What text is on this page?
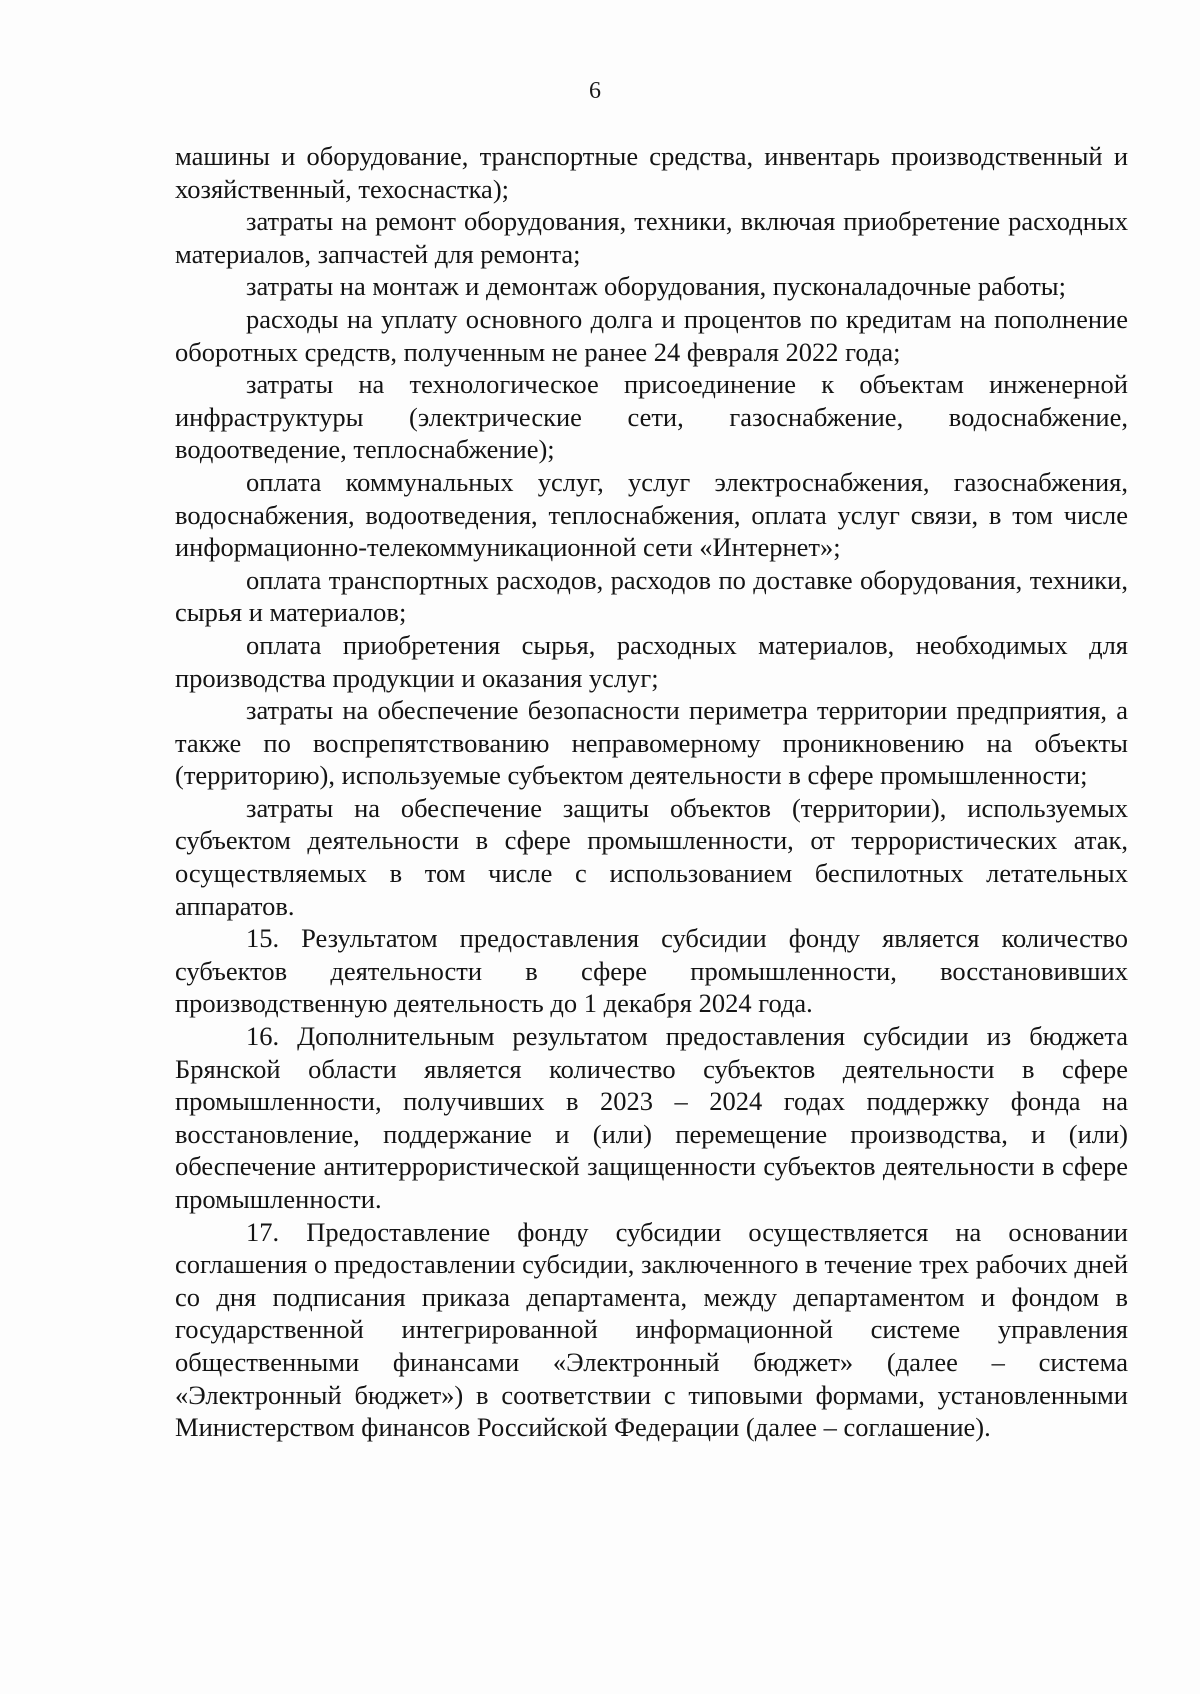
6

машины и оборудование, транспортные средства, инвентарь производственный и хозяйственный, техоснастка);

затраты на ремонт оборудования, техники, включая приобретение расходных материалов, запчастей для ремонта;

затраты на монтаж и демонтаж оборудования, пусконаладочные работы;

расходы на уплату основного долга и процентов по кредитам на пополнение оборотных средств, полученным не ранее 24 февраля 2022 года;

затраты на технологическое присоединение к объектам инженерной инфраструктуры (электрические сети, газоснабжение, водоснабжение, водоотведение, теплоснабжение);

оплата коммунальных услуг, услуг электроснабжения, газоснабжения, водоснабжения, водоотведения, теплоснабжения, оплата услуг связи, в том числе информационно-телекоммуникационной сети «Интернет»;

оплата транспортных расходов, расходов по доставке оборудования, техники, сырья и материалов;

оплата приобретения сырья, расходных материалов, необходимых для производства продукции и оказания услуг;

затраты на обеспечение безопасности периметра территории предприятия, а также по воспрепятствованию неправомерному проникновению на объекты (территорию), используемые субъектом деятельности в сфере промышленности;

затраты на обеспечение защиты объектов (территории), используемых субъектом деятельности в сфере промышленности, от террористических атак, осуществляемых в том числе с использованием беспилотных летательных аппаратов.

15. Результатом предоставления субсидии фонду является количество субъектов деятельности в сфере промышленности, восстановивших производственную деятельность до 1 декабря 2024 года.

16. Дополнительным результатом предоставления субсидии из бюджета Брянской области является количество субъектов деятельности в сфере промышленности, получивших в 2023 – 2024 годах поддержку фонда на восстановление, поддержание и (или) перемещение производства, и (или) обеспечение антитеррористической защищенности субъектов деятельности в сфере промышленности.

17. Предоставление фонду субсидии осуществляется на основании соглашения о предоставлении субсидии, заключенного в течение трех рабочих дней со дня подписания приказа департамента, между департаментом и фондом в государственной интегрированной информационной системе управления общественными финансами «Электронный бюджет» (далее – система «Электронный бюджет») в соответствии с типовыми формами, установленными Министерством финансов Российской Федерации (далее – соглашение).
